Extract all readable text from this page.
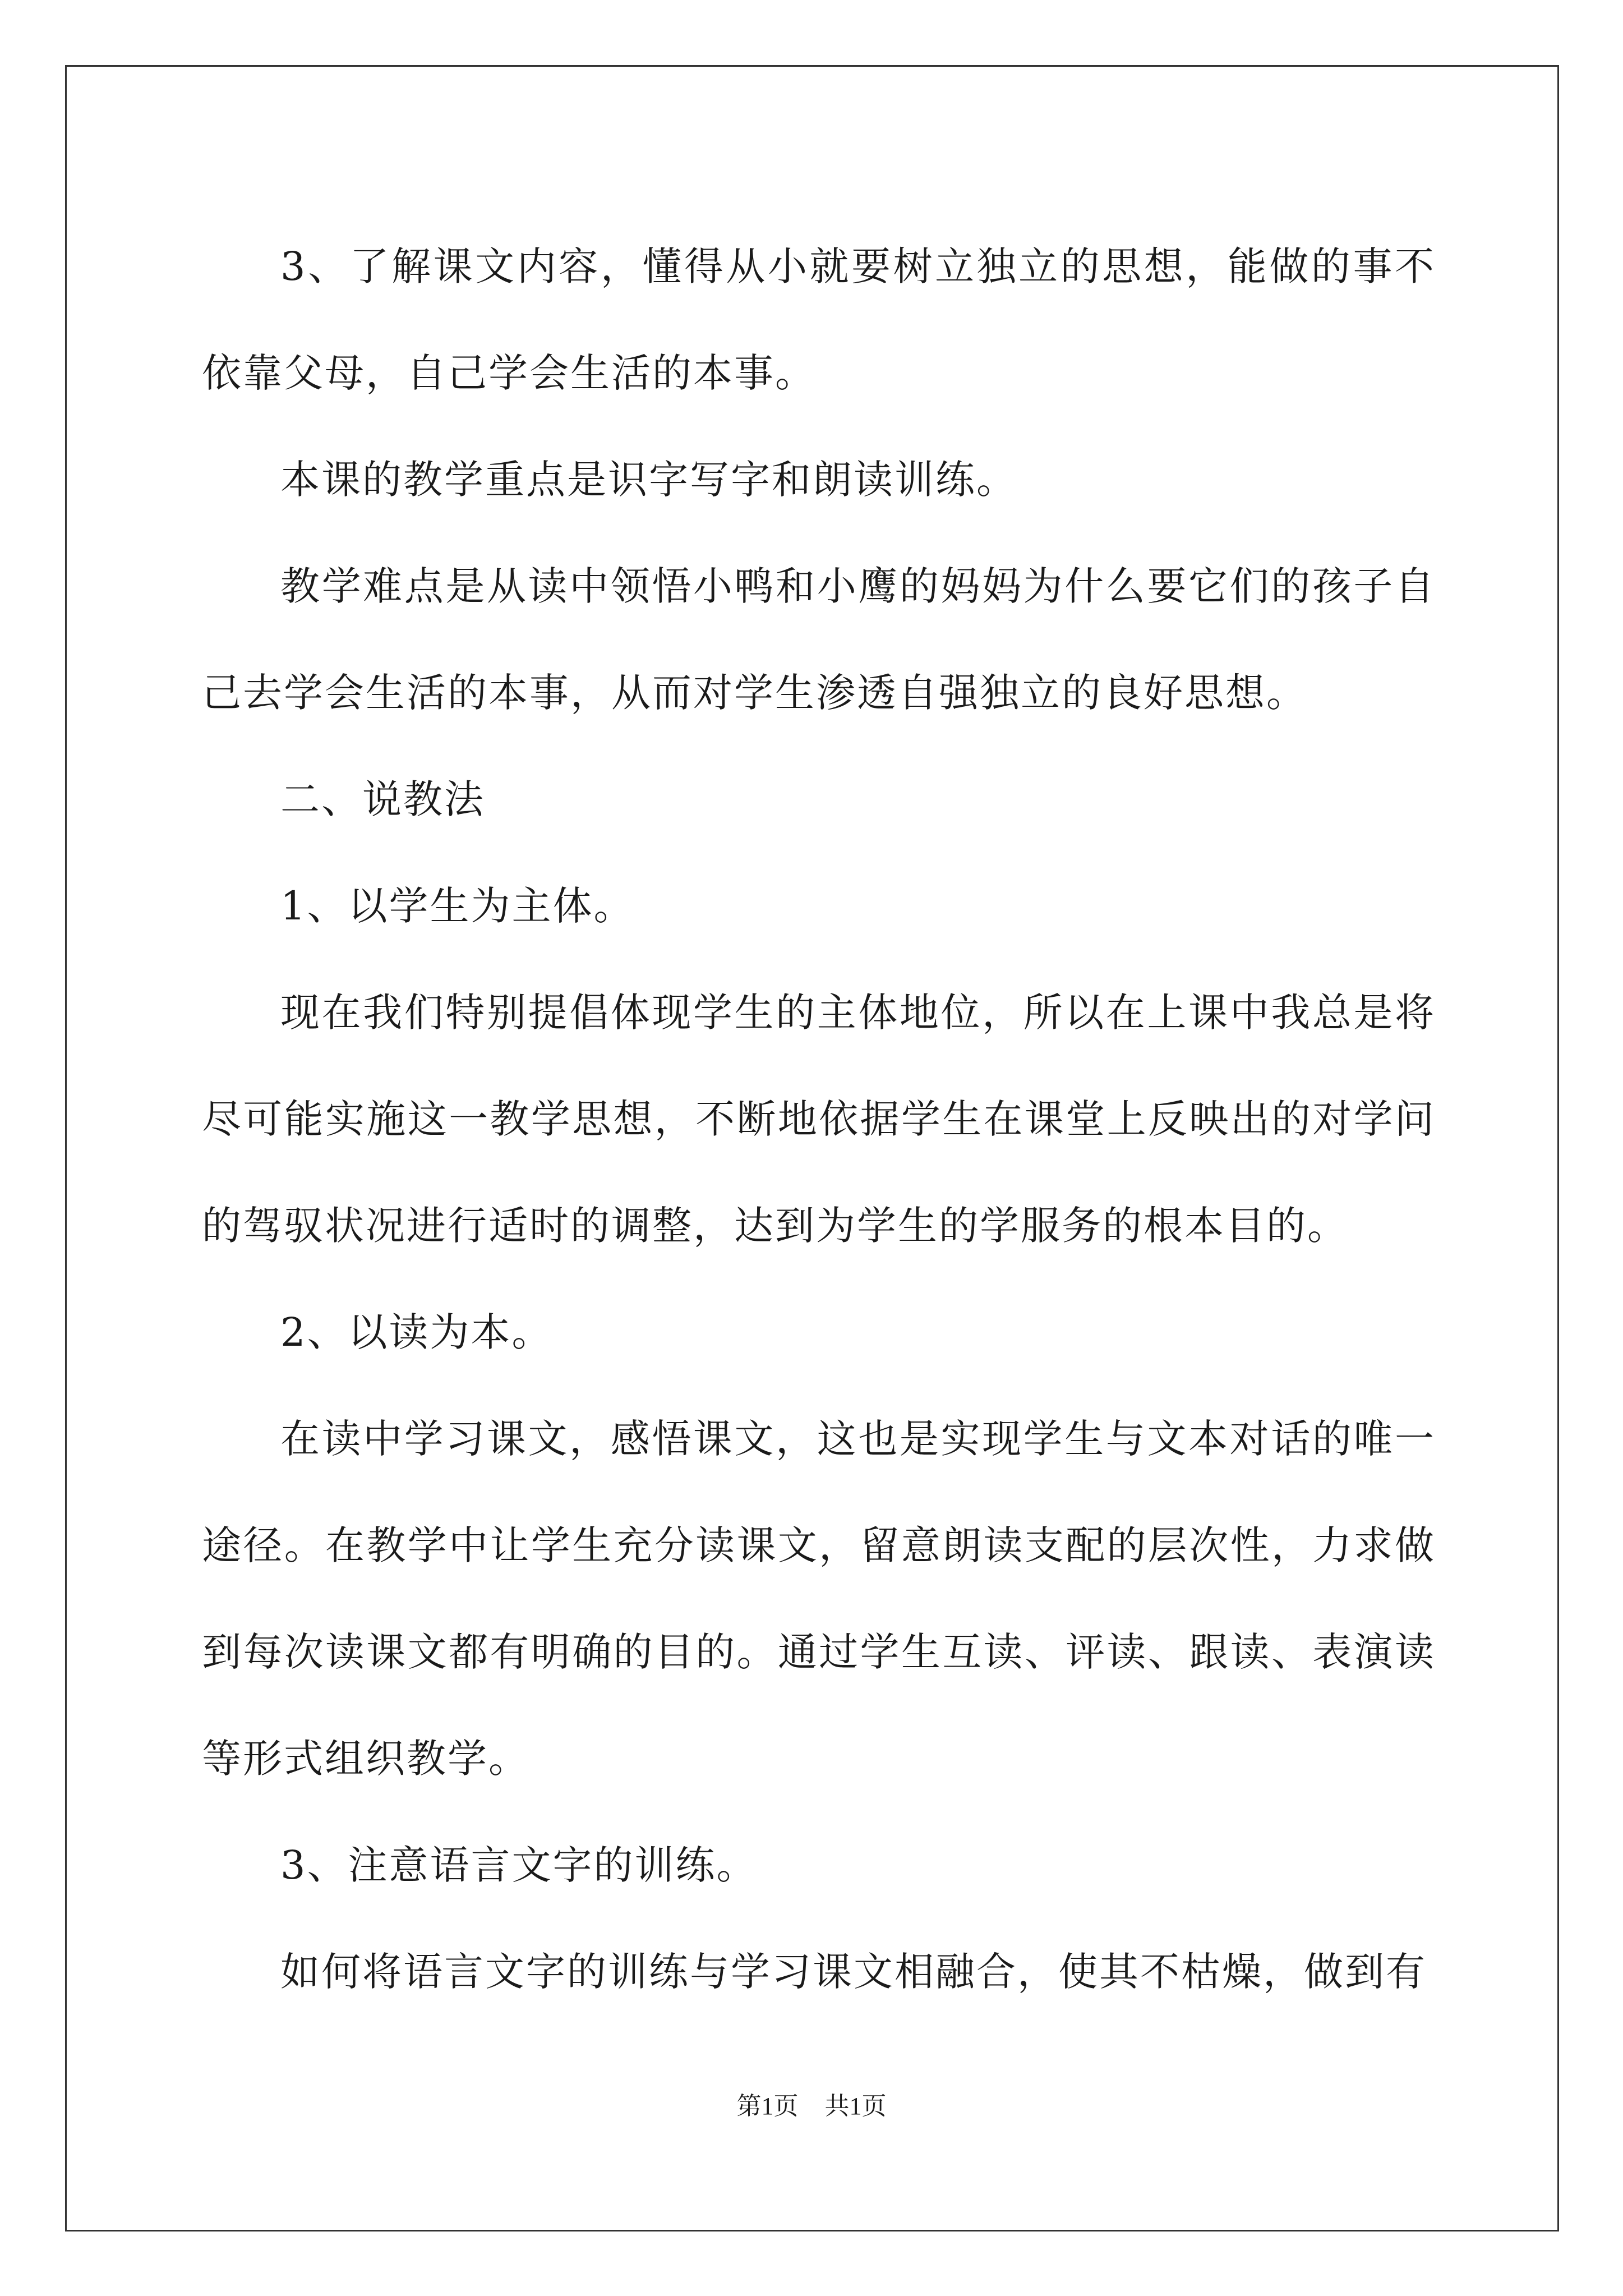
3、了解课文内容，懂得从小就要树立独立的思想，能做的事不依靠父母，自己学会生活的本事。

本课的教学重点是识字写字和朗读训练。

教学难点是从读中领悟小鸭和小鹰的妈妈为什么要它们的孩子自己去学会生活的本事，从而对学生渗透自强独立的良好思想。

二、说教法

1、以学生为主体。

现在我们特别提倡体现学生的主体地位，所以在上课中我总是将尽可能实施这一教学思想，不断地依据学生在课堂上反映出的对学问的驾驭状况进行适时的调整，达到为学生的学服务的根本目的。

2、以读为本。

在读中学习课文，感悟课文，这也是实现学生与文本对话的唯一途径。在教学中让学生充分读课文，留意朗读支配的层次性，力求做到每次读课文都有明确的目的。通过学生互读、评读、跟读、表演读等形式组织教学。

3、注意语言文字的训练。

如何将语言文字的训练与学习课文相融合，使其不枯燥，做到有

第1页 共1页
